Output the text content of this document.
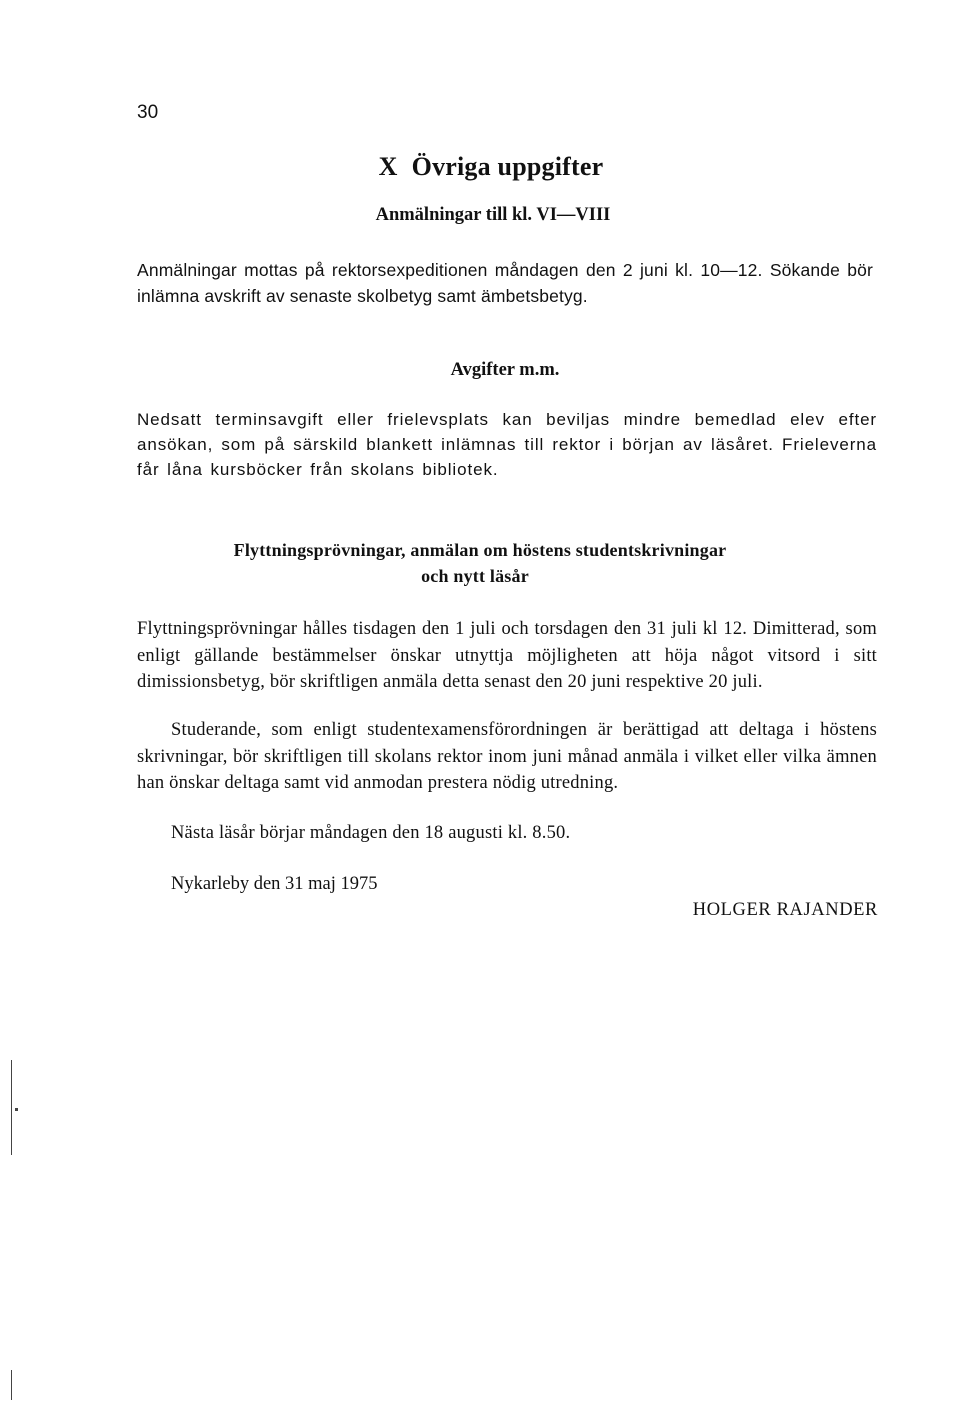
30
X Övriga uppgifter
Anmälningar till kl. VI—VIII

Anmälningar mottas på rektorsexpeditionen måndagen den 2 juni kl. 10—12. Sökande bör inlämna avskrift av senaste skolbetyg samt ämbetsbetyg.

Avgifter m.m.

Nedsatt terminsavgift eller frielevsplats kan beviljas mindre bemedlad elev efter ansökan, som på särskild blankett inlämnas till rektor i början av läsåret. Frieleverna får låna kursböcker från skolans bibliotek.

Flyttningsprövningar, anmälan om höstens studentskrivningar
och nytt läsår

Flyttningsprövningar hålles tisdagen den 1 juli och torsdagen den 31 juli kl 12. Dimitterad, som enligt gällande bestämmelser önskar utnyttja möjligheten att höja något vitsord i sitt dimissionsbetyg, bör skriftligen anmäla detta senast den 20 juni respektive 20 juli.

Studerande, som enligt studentexamensförordningen är berättigad att deltaga i höstens skrivningar, bör skriftligen till skolans rektor inom juni månad anmäla i vilket eller vilka ämnen han önskar deltaga samt vid anmodan prestera nödig utredning.

Nästa läsår börjar måndagen den 18 augusti kl. 8.50.

Nykarleby den 31 maj 1975

HOLGER RAJANDER
